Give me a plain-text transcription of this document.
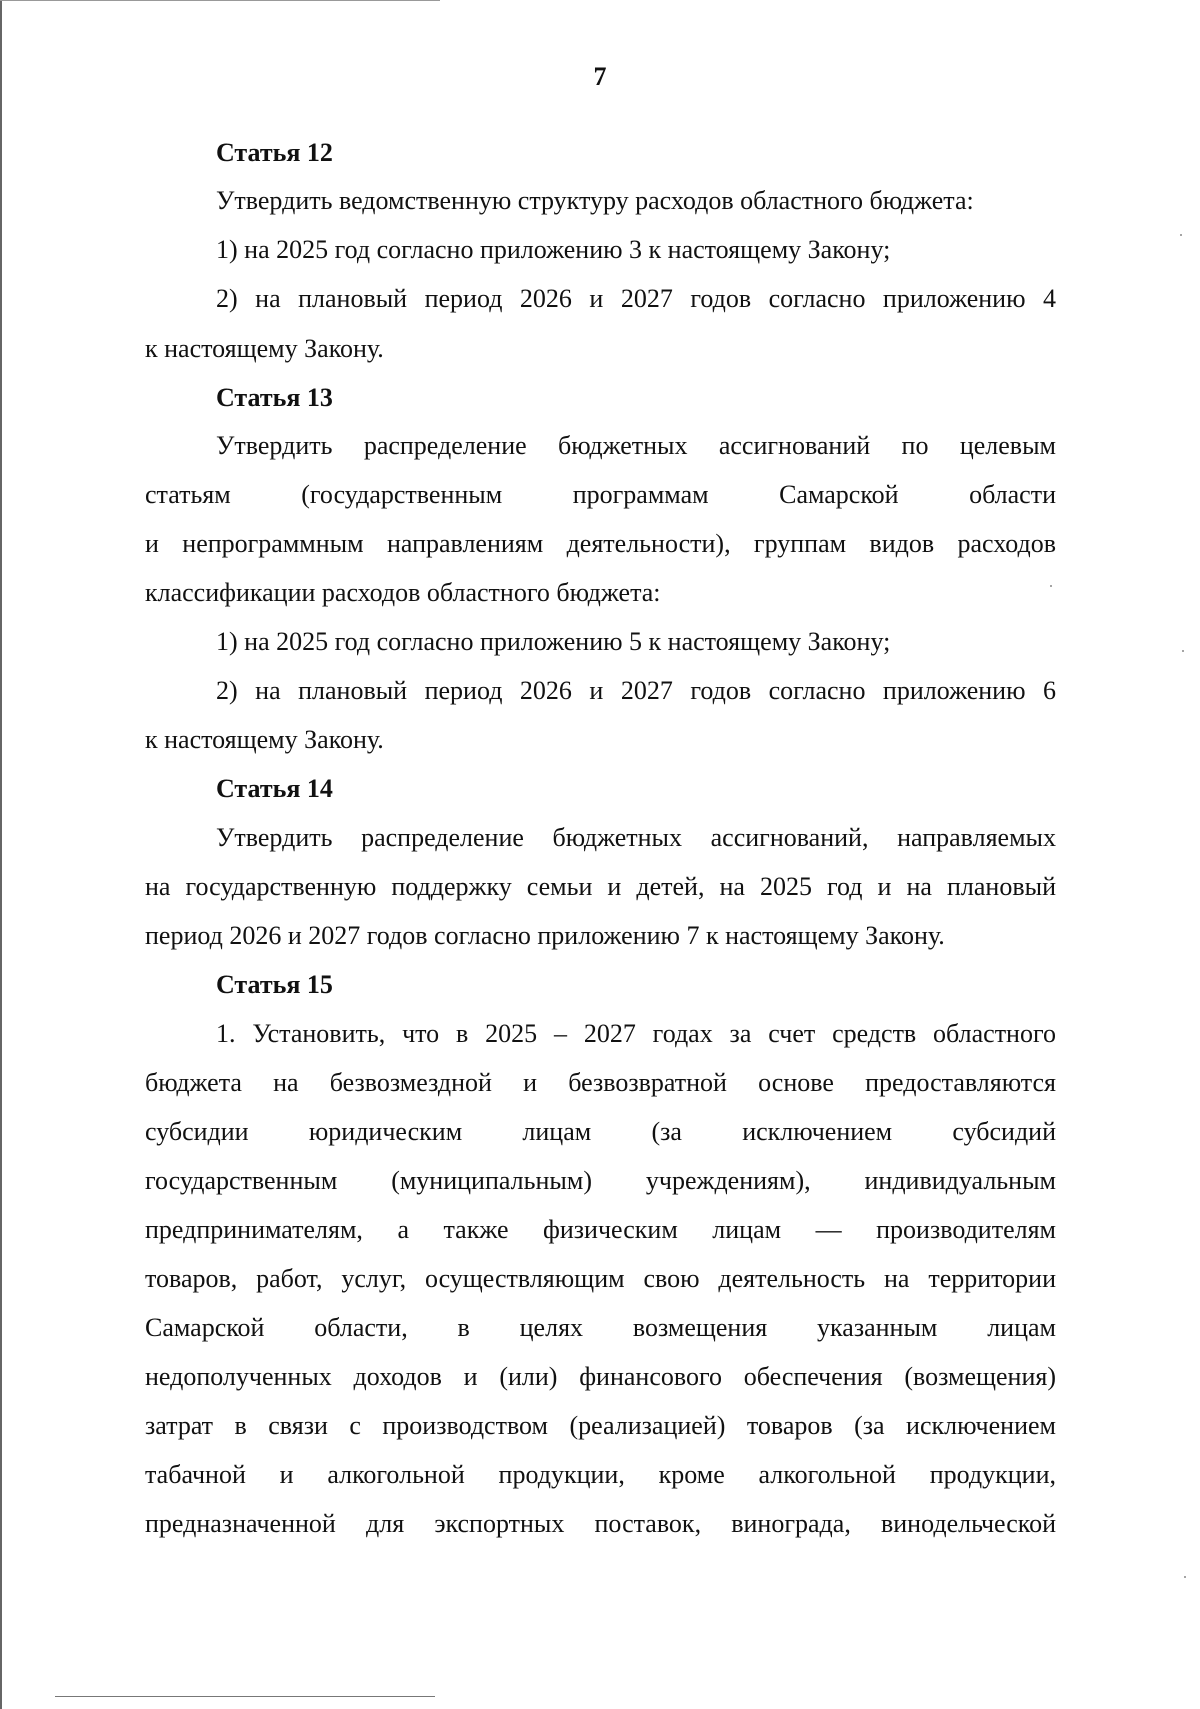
7
Статья 12
Утвердить ведомственную структуру расходов областного бюджета:
1) на 2025 год согласно приложению 3 к настоящему Закону;
2) на плановый период 2026 и 2027 годов согласно приложению 4
к настоящему Закону.
Статья 13
Утвердить распределение бюджетных ассигнований по целевым
статьям (государственным программам Самарской области
и непрограммным направлениям деятельности), группам видов расходов
классификации расходов областного бюджета:
1) на 2025 год согласно приложению 5 к настоящему Закону;
2) на плановый период 2026 и 2027 годов согласно приложению 6
к настоящему Закону.
Статья 14
Утвердить распределение бюджетных ассигнований, направляемых
на государственную поддержку семьи и детей, на 2025 год и на плановый
период 2026 и 2027 годов согласно приложению 7 к настоящему Закону.
Статья 15
1. Установить, что в 2025 – 2027 годах за счет средств областного
бюджета на безвозмездной и безвозвратной основе предоставляются
субсидии юридическим лицам (за исключением субсидий
государственным (муниципальным) учреждениям), индивидуальным
предпринимателям, а также физическим лицам — производителям
товаров, работ, услуг, осуществляющим свою деятельность на территории
Самарской области, в целях возмещения указанным лицам
недополученных доходов и (или) финансового обеспечения (возмещения)
затрат в связи с производством (реализацией) товаров (за исключением
табачной и алкогольной продукции, кроме алкогольной продукции,
предназначенной для экспортных поставок, винограда, винодельческой
